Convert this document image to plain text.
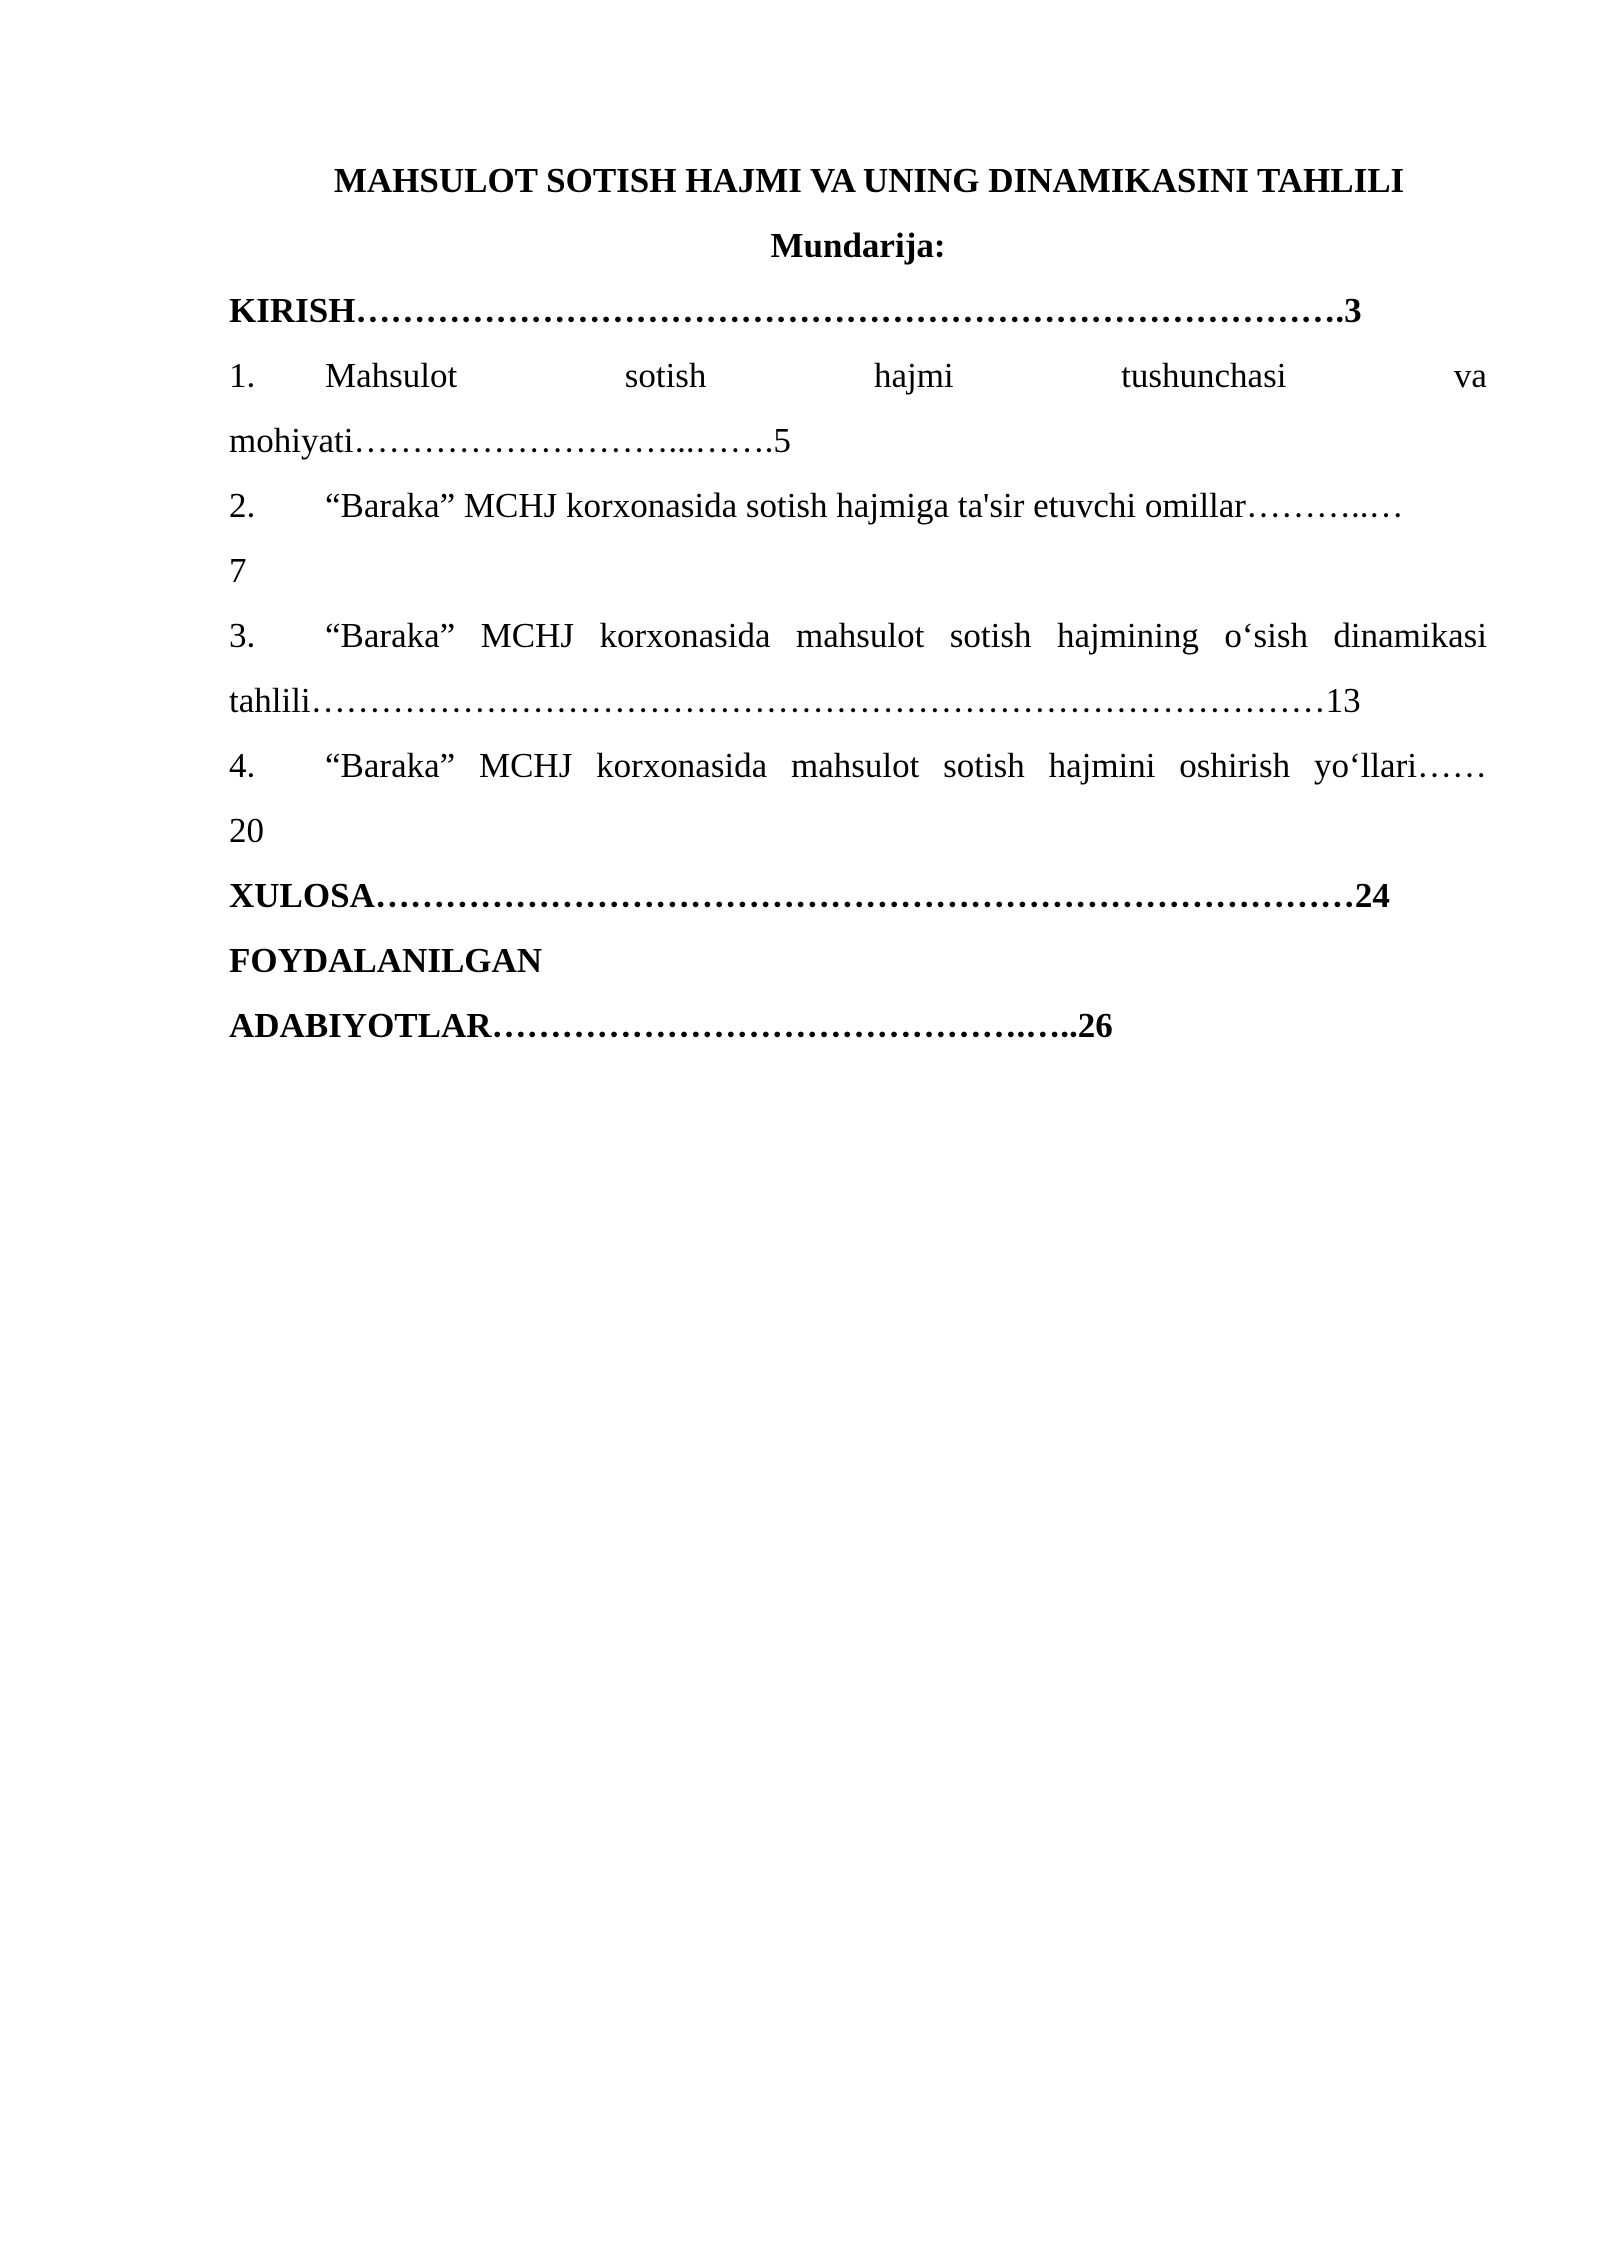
MAHSULOT SOTISH HAJMI VA UNING DINAMIKASINI TAHLILI

Mundarija:

KIRISH………………………………………………………………………….3

1.	Mahsulot	sotish	hajmi	tushunchasi	va

mohiyati………………………...…….5

2.	“Baraka” MCHJ korxonasida sotish hajmiga ta'sir etuvchi omillar………..…

7

3.	“Baraka” MCHJ korxonasida mahsulot sotish hajmining o‘sish dinamikasi

tahlili……………………………………………………………………………13

4.	“Baraka” MCHJ korxonasida mahsulot sotish hajmini oshirish yo‘llari……

20

XULOSA…………………………………………………………………………24

FOYDALANILGAN

ADABIYOTLAR……………………………………….…..26
